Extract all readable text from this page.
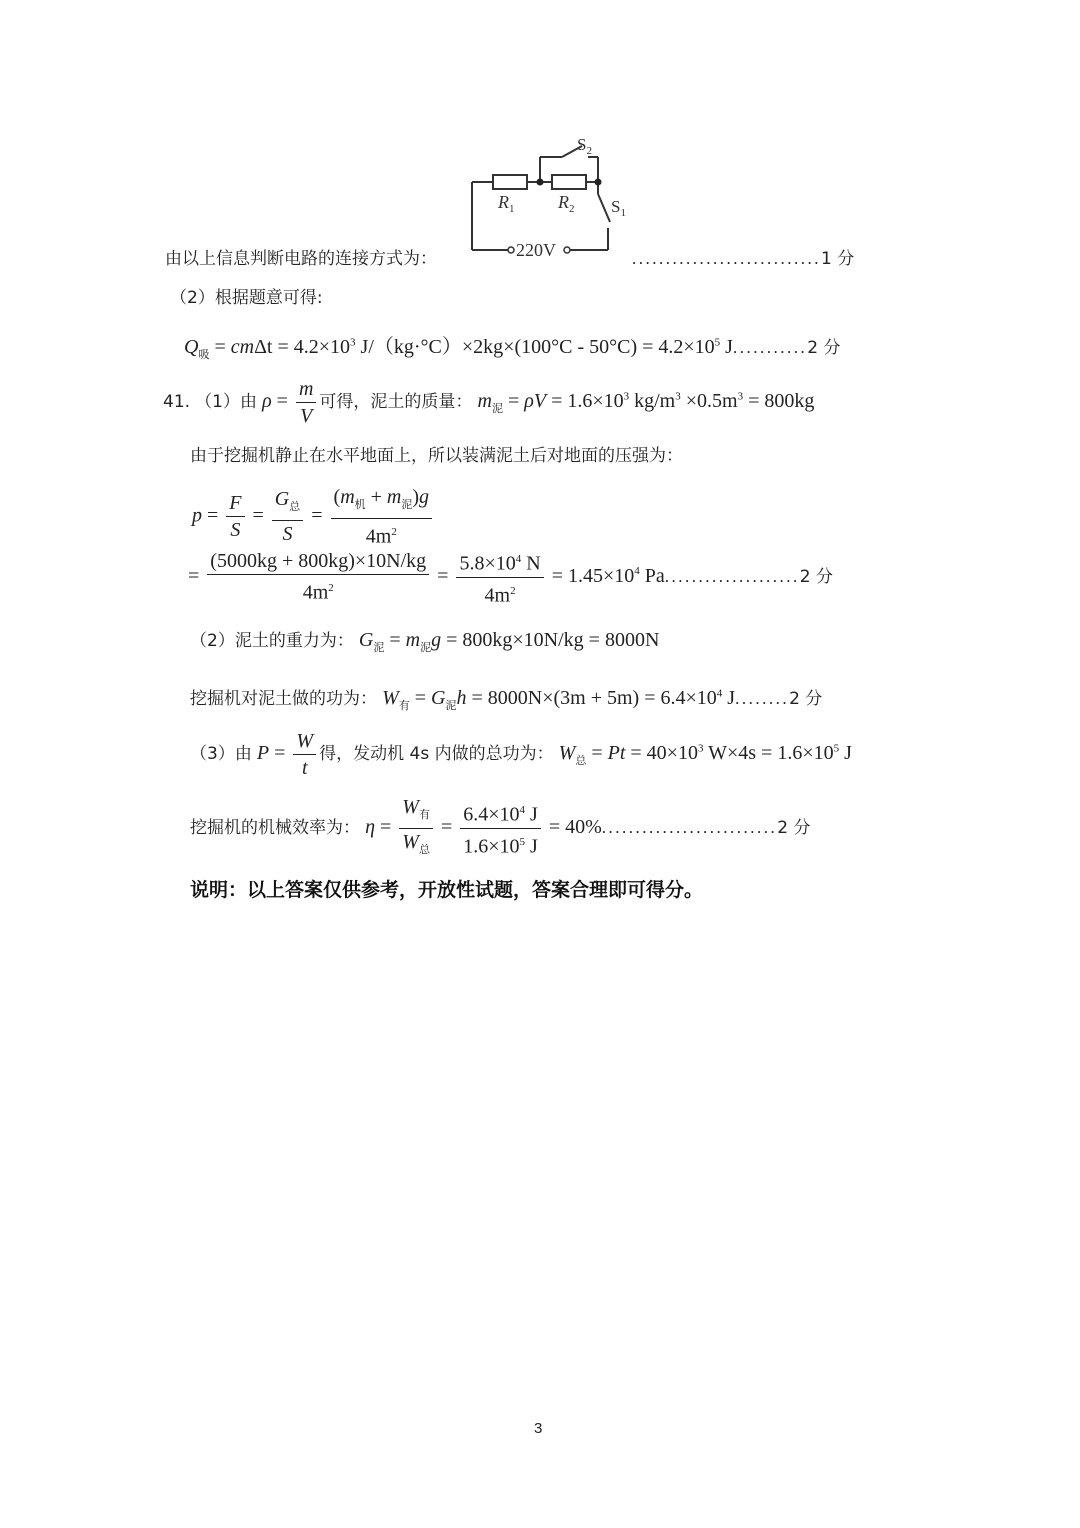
$R_1$ $R_2$
$S_2$
$S_1$
220V
由以上信息判断电路的连接方式为：	............................1 分
（2）根据题意可得:
$Q_吸 = cm\Delta t = 4.2\times 10^3$ $J/(kg\cdot^\circ C)\times 2kg\times(100^\circ C - 50^\circ C) = 4.2\times 10^5$ J...........2 分
41. （1）由 $\rho = \frac{m}{V}$ 可得，泥土的质量： $m_泥 = \rho V = 1.6\times 10^3$ $kg/m^3 \times 0.5m^3 = 800kg$
由于挖掘机静止在水平地面上，所以装满泥土后对地面的压强为：
$p = \frac{F}{S} = \frac{G_总}{S} = \frac{(m_机 + m_泥)g}{4m^2}$
= $\frac{(5000kg + 800kg)\times 10N/kg}{4m^2} = \frac{5.8\times 10^4 N}{4m^2} = 1.45\times 10^4$ Pa....................2 分
（2）泥土的重力为： $G_泥 = m_泥g = 800kg\times 10N/kg = 8000N$
挖掘机对泥土做的功为： $W_有 = G_泥h = 8000N\times(3m + 5m) = 6.4\times 10^4$ J........2 分
（3）由 $P = \frac{W}{t}$ 得，发动机 4s 内做的总功为： $W_总 = Pt = 40\times 10^3$ $W\times 4s = 1.6\times 10^5$ J
挖掘机的机械效率为： $\eta = \frac{W_有}{W_总} = \frac{6.4\times 10^4 J}{1.6\times 10^5 J} = 40\%..........................2$ 分
说明：以上答案仅供参考，开放性试题，答案合理即可得分。
3
